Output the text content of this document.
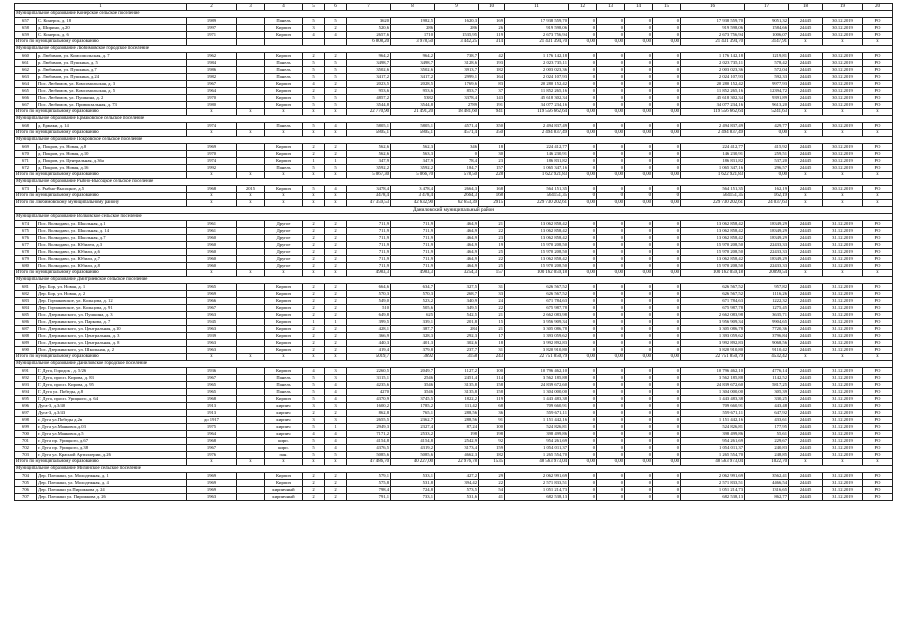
1		2	3	4	5	6	7	8	9	10	11	12	13	14	15	16	17	18	19	20
Муниципальное образование Конерское сельское поселение																				
657	С. Конерск, д. 18	1989		Панель	5	5	3620	1982,5	1620,3	169	17 938 559,70	0	0	0	0	17 938 559,70	9051,32	24445	30.12.2019	РО
658	д. Ширино, д.20	1997		Кирпич	3	2	520,6	286	286	26	919 598,06	0	0	0	0	919 598,06	1584,66	24445	30.12.2019	РО
659	С. Конерск, д. 6	1971		Кирпич	4	4	2657,6	1710	1535,95	119	2 673 756,94	0	0	0	0	2 673 756,94	1006,07	24445	30.12.2019	РО
Итого по муниципальному образованию							6 808,20	3 978,50	3 442,25	314	21 431 394,70	0,00	0,00	0,00	0,00	21 431 394,70	3147,91	x	x	x
Муниципальное образование Любимовское городское поселение																				
660	р. Любимов, ул. Комсомольская, д. 7	1962		Кирпич	2	2	964,2	964,2	738,7	42	1 176 142,18	0	0	0	0	1 176 142,18	1219,81	24445	30.12.2019	РО
661	р. Любимов, ул. Пушкина, д. 5	1984		Панель	5	5	3498,7	3498,7	3128,6	193	2 023 735,11	0	0	0	0	2 023 735,11	578,42	24445	30.12.2019	РО
662	р. Любимов, ул. Пушкина, д.7	1986		Панель	5	5	3502,6	3502,6	3913,7	182	2 003 023,36	0	0	0	0	2 003 023,36	572,04	24445	30.12.2019	РО
663	р. Любимов, ул. Пушкина, д.24	1982		Панель	5	5	3417,2	3417,2	2999,1	164	2 024 107,93	0	0	0	0	2 024 107,93	592,33	24445	30.12.2019	РО
664	Пос. Любимов, ул. Комсомольская, д. 3	1967		Кирпич	4	2	2023,5	2028,5	1769,6	83	20 280 152,42	0	0	0	0	20 280 152,42	9977,93	24445	30.12.2019	РО
665	Пос. Любимов, ул. Комсомольская, д. 5	1964		Кирпич	2	2	953,6	953,6	853,7	37	11 852 265,16	0	0	0	0	11 852 265,16	12394,72	24445	30.12.2019	РО
666	Пос. Любимов, ул. Пушкина, д. 2	1970		Кирпич	5	5	4857,2	5382	3378,4	143	45 618 302,34	0	0	0	0	45 618 302,34	9391,89	24445	30.12.2019	РО
667	Пос. Любимов, ул. Привокзальная, д. 73	1980		Кирпич	5	5	3544,8	3544,8	2789	191	34 077 234,16	0	0	0	0	34 077 234,16	9613,20	24445	30.12.2019	РО
Итого по муниципальному образованию		x	x	x	x	x	22 770,90	21 491,20	18 481,60	941	119 556 662,64	0,00	0,00	0,00	0,00	119 556 662,64	5241,63	x	x	x
Муниципальное образование Ермаковское сельское поселение																				
668	д. Ермаки, д. 14	1974		Панель	5	4	5805,1	5805,1	4571,4	350	2 494 837,49	0	0	0	0	2 494 837,49	429,77	24445	30.12.2019	РО
Итого по муниципальному образованию		x	x	x	x	x	5805,1	5805,1	4571,4	350	2 494 837,49	0,00	0,00	0,00	0,00	2 494 837,49	0,00	x	x	x
Муниципальное образование Покровское сельское поселение																				
669	д. Покров, ул. Новая, д.8	1969		Кирпич	2	2	562,6	562,3	346	18	224 412,77	0	0	0	0	224 412,77	415,92	24445	30.12.2019	РО
670	д. Покров, ул. Новая, д.10	1970		Кирпич	2	2	562,6	563,3	0	30	146 230,91	0	0	0	0	146 230,91	259,51	24445	30.12.2019	РО
671	д. Покров, ул. Центральная, д.36а	1974		Кирпич	1	1	347,9	347,9	78,4	23	186 831,82	0	0	0	0	186 831,82	537,20	24445	30.12.2019	РО
672	д. Покров, ул. Новая, д.16	1992		Панель	5	5	3592,2	3592,2	184,7	157	1 065 347,16	0	0	0	0	1 065 347,16	296,57	24445	30.12.2019	РО
Итого по муниципальному образованию		x	x	x	x	x	5 067,30	5 066,70	578,50	228	1 622 921,83	0,00	0,00	0,00	0,00	1 622 921,83	0,00	x	x	x
Муниципальное образование Рыбно-Высоцкое сельское поселение																				
673	с. Рыбно-Высоцкое, д.5	1968	2015	Кирпич	5	4	3478,4	3 478,4	2664,3	168	564 151,35	0	0	0	0	564 151,35	162,19	24445	30.12.2019	РО
Итого по муниципальному образованию		x	x	x	x	x	3478,4	3 478,4	2664,3	168	564151,35	0	0	0	0	564151,35	162,19	x	x	x
Итого по Любимовскому муниципальному району		x	x	x	x	x	47 359,53	42 632,90	62 653,39	2915	229 730 202,61	0,00	0,00	0,00	0,00	229 730 202,61	24 037,63	x	x	x
Даниловский муниципальный район																				
Муниципальное образование Волковское сельское поселение																				
674	Пос. Волкодаво, ул. Школьная, д.1	1961		Другое	2	2	711,9	711,9	464,9	21	13 062 858,42	0	0	0	0	13 062 858,42	18349,29	24445	31.12.2019	РО
675	Пос. Волкодаво, ул. Школьная, д. 14	1961		Другое	2	2	711,9	711,9	464,9	22	13 062 858,42	0	0	0	0	13 062 858,42	18349,29	24445	31.12.2019	РО
676	Пос. Волкодаво, ул. Школьная, д.7	1960		Другое	2	2	711,9	711,9	464,9	23	13 062 858,42	0	0	0	0	13 062 858,42	18349,29	24445	31.12.2019	РО
677	Пос. Волкодаво, ул. Юбилеи, д.3	1960		Другое	2	2	711,9	711,9	464,9	19	15 970 208,50	0	0	0	0	15 970 208,50	22433,33	24445	31.12.2019	РО
678	Пос. Волкодаво, ул. Юбили, д.6	1960		Другое	2	2	711,9	711,9	464,9	25	15 970 208,50	0	0	0	0	15 970 208,50	22433,33	24445	31.12.2019	РО
679	Пос. Волкодаво, ул. Юбили, д.7	1960		Другое	2	2	711,9	711,9	464,9	22	13 062 858,42	0	0	0	0	13 062 858,42	18349,29	24445	31.12.2019	РО
680	Пос. Волкодаво, ул. Юбили, д.8	1960		Другое	2	2	711,9	711,9	464,9	25	15 970 208,50	0	0	0	0	15 970 208,50	22433,33	24445	31.12.2019	РО
Итого по муниципальному образованию		x	x	x	x	x	4983,3	4983,3	3254,3	157	100 162 059,18	0,00	0,00	0,00	0,00	100 162 059,18	20099,54	x	x	x
Муниципальное образование Дмитриевское сельское поселение																				
681	Дер. Бор, ул. Новая, д. 1	1965		Кирпич	2	2	664,6	634,7	327,5	31	626 567,52	0	0	0	0	626 567,52	957,82	24445	31.12.2019	РО
682	Дер. Бор, ул. Новая, д. 2	1969		Кирпич	2	2	570,3	570,3	268,7	33	626 567,52	0	0	0	0	626 567,52	1116,26	24445	31.12.2019	РО
683	Дер. Горчаковское, ул. Кольцова, д. 12	1966		Кирпич	2	2	549,0	523,2	340,9	24	671 784,63	0	0	0	0	671 784,63	1222,32	24445	31.12.2019	РО
684	Дер. Горчаковское, ул. Кольцова, д. 91	1967		Кирпич	2	2	510	505,6	349,5	22	675 987,78	0	0	0	0	675 987,78	1275,45	24445	31.12.2019	РО
685	Пос. Дзержинского, ул. Пушкина, д. 3	1963		Кирпич	2	2	649,8	625	542,5	21	2 662 083,98	0	0	0	0	2 662 083,98	3635,71	24445	31.12.2019	РО
686	Пос. Дзержинского, ул. Паркова, д. 7	1945		Кирпич	1	1	399,5	339,1	201,8	15	3 956 909,34	0	0	0	0	3 956 909,34	9904,65	24445	31.12.2019	РО
687	Пос. Дзержинского, ул. Центральная, д.10	1963		Кирпич	2	2	428,1	387,7	284	21	3 305 086,78	0	0	0	0	3 305 086,78	7720,36	24445	31.12.2019	РО
688	Пос. Дзержинского, ул. Центральная, д. 3	1939		Кирпич	2	2	366,9	328,3	292,3	17	1 393 059,62	0	0	0	0	1 393 059,62	3796,84	24445	31.12.2019	РО
689	Пос. Дзержинского, ул. Центральная, д. 8	1963		Кирпич	2	2	440,3	401,3	302,6	18	3 992 892,83	0	0	0	0	3 992 892,83	9068,56	24445	31.12.2019	РО
690	Пос. Дзержинского, ул. Школьная, д. 2	1963		Кирпич	2	2	419,4	379,8	237,7	31	3 820 910,80	0	0	0	0	3 820 910,80	9110,42	24445	31.12.2019	РО
Итого по муниципальному образованию		x	x	x	x	x	5019,7	3692	3158	243	22 751 850,79	0,00	0,00	0,00	0,00	22 751 850,79	4532,42	x	x	x
Муниципальное образование Даниловское городское поселение																				
691	Г. Дуга, Городок , д. 5/26	1936		Кирпич	4	3	2260,5	2049,7	1127,2	100	10 796 462,10	0	0	0	0	10 796 462,10	4776,14	24445	31.12.2019	РО
692	Г. Дуга, просп. Кирова, д. 83	1967		Панель	5	3	3115,1	2546	2451,4	114	3 562 185,88	0	0	0	0	3 562 185,88	1142,52	24445	31.12.2019	РО
693	Г. Дуга, просп. Кирова, д. 95	1965		Панель	5	4	4235,6	3546	3135,8	158	24 839 672,60	0	0	0	0	24 839 672,60	5817,25	24445	31.12.2019	РО
694	Г. Дуга ул. Победы, д.8	1965		Панель	5	4	4270	3546	3135,8	158	1 304 000,00	0	0	0	0	1 304 000,00	305,39	24445	31.12.2019	РО
695	Г. Дуга, просп. Урицкого, д. 64	1968		Кирпич	5	4	4370,9	3745,5	1822,2	119	1 443 483,38	0	0	0	0	1 443 483,38	330,25	24445	31.12.2019	РО
696	Дуга-3, д.3/40	1913		кирпич	3	3	1600,2	1785,2	111,42	68	709 660,91	0	0	0	0	709 660,91	443,48	24445	31.12.2019	РО
697	Дуга-3, д.3/43	1913		кирпич	2	2	862,8	765,1	288,56	36	559 671,11	0	0	0	0	559 671,11	647,92	24445	31.12.2019	РО
698	г. Дуга ул.Победы д.2в	до 1917		кирпич	3	3	2655,5	2362,7	288,56	91	1 151 442,16	0	0	0	0	1 151 442,16	433,61	24445	31.12.2019	РО
699	г. Дуга ул.Маяковск.д.03	1975		кирпич	5	1	2949,3	2327,4	87,24	100	524 826,81	0	0	0	0	524 826,81	177,95	24445	31.12.2019	РО
700	г. Дуга ул.Маяковск.д.5	1964		кирпич	4	4	7171,2	2533,2	198	198	398 499,86	0	0	0	0	398 499,86	55,61	24445	31.12.2019	РО
701	г. Дуга пр. Урицкого, д.67	1968		кирп.	5	4	4154,8	4154,8	2542,9	92	954 261,69	0	0	0	0	954 261,69	229,67	24445	31.12.2019	РО
702	г. Дуга пр. Урицкого, д.38	1967		кирп.	5	4	4376,5	4319,2	3173,4	159	1 054 011,37	0	0	0	0	1 054 011,37	240,83	24445	31.12.2019	РО
703	г. Дуга ул. Красной Артиллерии, д.26	1976		пан.	5	5	5085,6	5085,6	4662,3	182	1 265 554,70	0	0	0	0	1 265 554,70	248,85	24445	31.12.2019	РО
Итого по муниципальному образованию		x	x	x	x	x	47 486,70	40 227,00	22 976,78	1535	48 563 973,04	0,00	0,00	0,00	0,00	48 563 973,04	1022,70	x	x	x
Муниципальное образование Мизинское сельское поселение																				
704	Дер. Плешаки, ул. Молодежная, д. 1	1969		Кирпич	2	2	579,1	533,1	427,2	29	2 062 991,69	0	0	0	0	2 062 991,69	3562,41	24445	31.12.2019	РО
705	Дер. Плешаки, ул. Молодежная, д. 4	1969		Кирпич	2	2	575,8	531,8	394,42	22	2 571 833,51	0	0	0	0	2 571 833,51	4466,54	24445	31.12.2019	РО
706	Дер. Плешаки ул.Пирожкова д. 24	1969		кирпичный	2	2	798,4	724,8	573,5	54	1 051 214,73	0	0	0	0	1 051 214,73	1316,65	24445	31.12.2019	РО
707	Дер. Плешаки ул. Пирожкова д. 26	1963		кирпичный	2	2	791,1	733,1	531,6	41	682 538,13	0	0	0	0	682 538,13	862,77	24445	31.12.2019	РО
